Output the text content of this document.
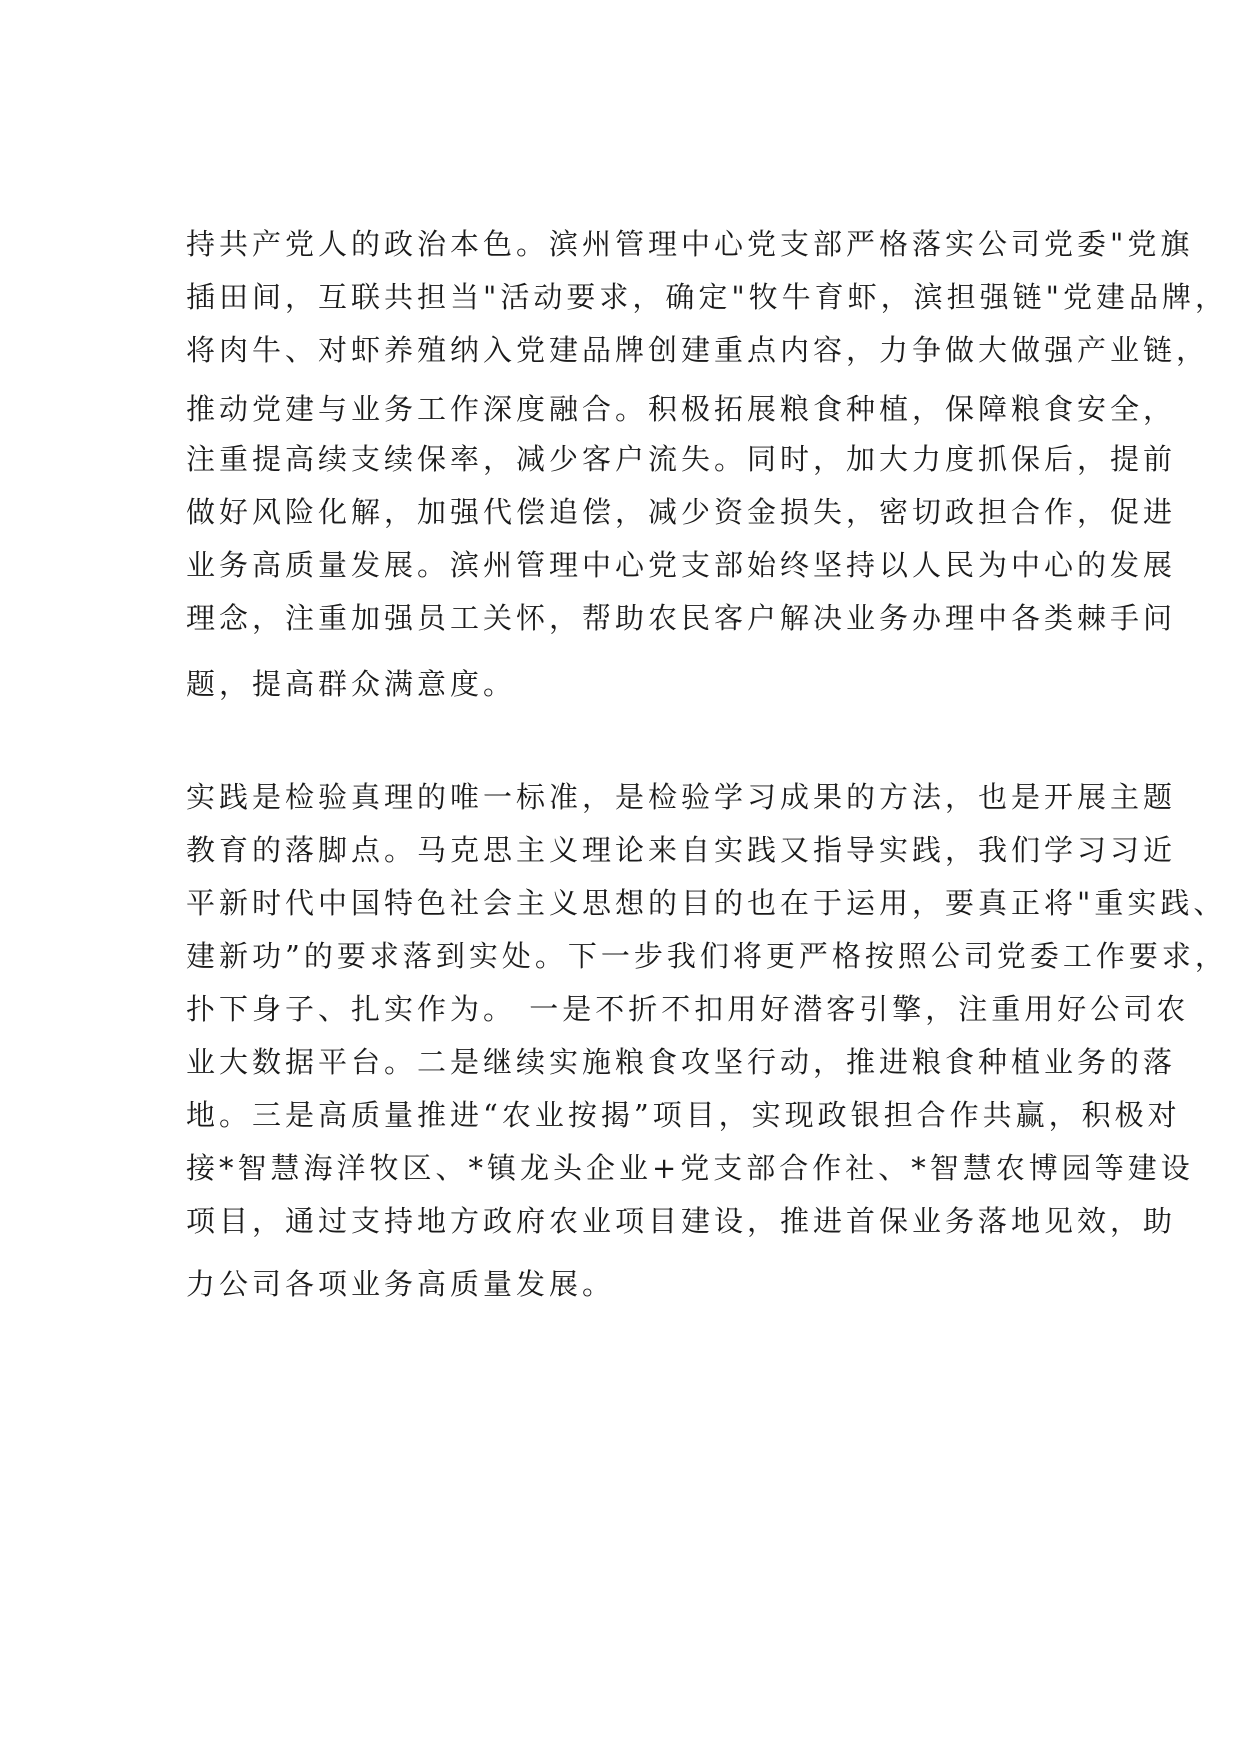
持共产党人的政治本色。滨州管理中心党支部严格落实公司党委"党旗
插田间，互联共担当"活动要求，确定"牧牛育虾，滨担强链"党建品牌，
将肉牛、对虾养殖纳入党建品牌创建重点内容，力争做大做强产业链，
推动党建与业务工作深度融合。积极拓展粮食种植，保障粮食安全，
注重提高续支续保率，减少客户流失。同时，加大力度抓保后，提前
做好风险化解，加强代偿追偿，减少资金损失，密切政担合作，促进
业务高质量发展。滨州管理中心党支部始终坚持以人民为中心的发展
理念，注重加强员工关怀，帮助农民客户解决业务办理中各类棘手问
题，提高群众满意度。
实践是检验真理的唯一标准，是检验学习成果的方法，也是开展主题
教育的落脚点。马克思主义理论来自实践又指导实践，我们学习习近
平新时代中国特色社会主义思想的目的也在于运用，要真正将"重实践、
建新功”的要求落到实处。下一步我们将更严格按照公司党委工作要求，
扑下身子、扎实作为。 一是不折不扣用好潜客引擎，注重用好公司农
业大数据平台。二是继续实施粮食攻坚行动，推进粮食种植业务的落
地。三是高质量推进“农业按揭”项目，实现政银担合作共赢，积极对
接*智慧海洋牧区、*镇龙头企业+党支部合作社、*智慧农博园等建设
项目，通过支持地方政府农业项目建设，推进首保业务落地见效，助
力公司各项业务高质量发展。
